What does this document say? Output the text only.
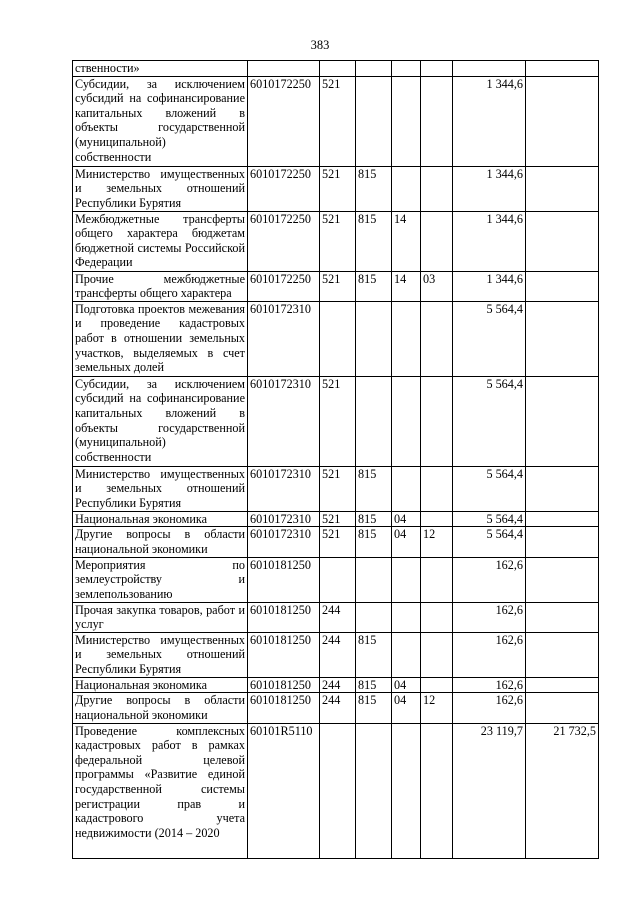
383
ственности»							
Субсидии, за исключением субсидий на софинансирование капитальных вложений в объекты государственной (муниципальной) собственности	6010172250	521				1 344,6	
Министерство имущественных и земельных отношений Республики Бурятия	6010172250	521	815			1 344,6	
Межбюджетные трансферты общего характера бюджетам бюджетной системы Российской Федерации	6010172250	521	815	14		1 344,6	
Прочие межбюджетные трансферты общего характера	6010172250	521	815	14	03	1 344,6	
Подготовка проектов межевания и проведение кадастровых работ в отношении земельных участков, выделяемых в счет земельных долей	6010172310					5 564,4	
Субсидии, за исключением субсидий на софинансирование капитальных вложений в объекты государственной (муниципальной) собственности	6010172310	521				5 564,4	
Министерство имущественных и земельных отношений Республики Бурятия	6010172310	521	815			5 564,4	
Национальная экономика	6010172310	521	815	04		5 564,4	
Другие вопросы в области национальной экономики	6010172310	521	815	04	12	5 564,4	
Мероприятия по землеустройству и землепользованию	6010181250					162,6	
Прочая закупка товаров, работ и услуг	6010181250	244				162,6	
Министерство имущественных и земельных отношений Республики Бурятия	6010181250	244	815			162,6	
Национальная экономика	6010181250	244	815	04		162,6	
Другие вопросы в области национальной экономики	6010181250	244	815	04	12	162,6	
Проведение комплексных кадастровых работ в рамках федеральной целевой программы «Развитие единой государственной системы регистрации прав и кадастрового учета недвижимости (2014 – 2020	60101R5110					23 119,7	21 732,5
